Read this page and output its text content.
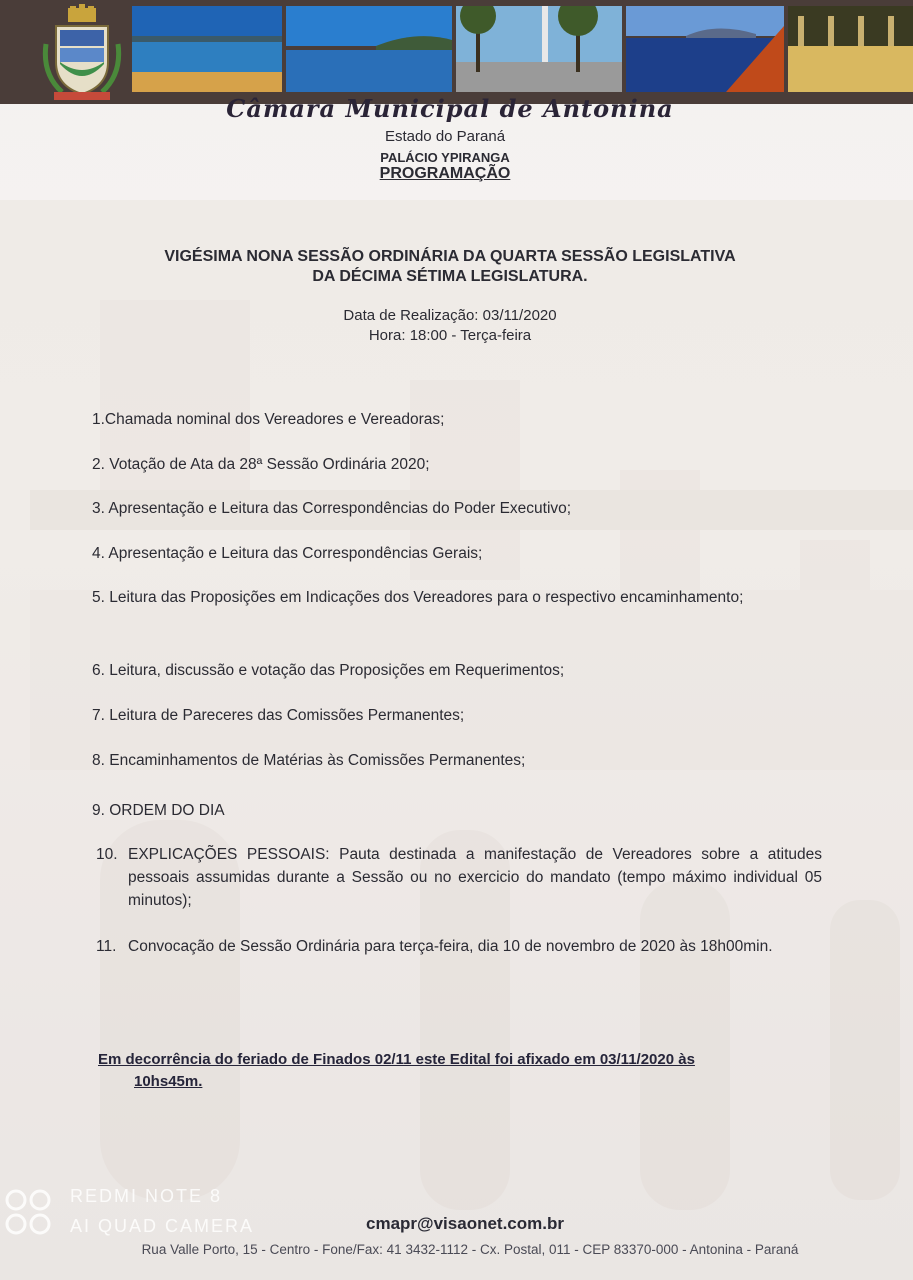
Câmara Municipal de Antonina
Estado do Paraná
PALÁCIO YPIRANGA
PROGRAMAÇÃO
VIGÉSIMA NONA SESSÃO ORDINÁRIA DA QUARTA SESSÃO LEGISLATIVA
DA DÉCIMA SÉTIMA LEGISLATURA.
Data de Realização: 03/11/2020
Hora: 18:00 - Terça-feira
1.Chamada nominal dos Vereadores e Vereadoras;
2. Votação de Ata da 28ª Sessão Ordinária 2020;
3. Apresentação e Leitura das Correspondências do Poder Executivo;
4. Apresentação e Leitura das Correspondências Gerais;
5. Leitura das Proposições em Indicações dos Vereadores para o respectivo encaminhamento;
6. Leitura, discussão e votação das Proposições em Requerimentos;
7. Leitura de Pareceres das Comissões Permanentes;
8. Encaminhamentos de Matérias às Comissões Permanentes;
9. ORDEM DO DIA
10. EXPLICAÇÕES PESSOAIS: Pauta destinada a manifestação de Vereadores sobre a atitudes pessoais assumidas durante a Sessão ou no exercicio do mandato (tempo máximo individual 05 minutos);
11. Convocação de Sessão Ordinária para terça-feira, dia 10 de novembro de 2020 às 18h00min.
Em decorrência do feriado de Finados 02/11 este Edital foi afixado em 03/11/2020 às
10hs45m.
REDMI NOTE 8
AI QUAD CAMERA	cmapr@visaonet.com.br
Rua Valle Porto, 15 - Centro - Fone/Fax: 41 3432-1112 - Cx. Postal, 011 - CEP 83370-000 - Antonina - Paraná
